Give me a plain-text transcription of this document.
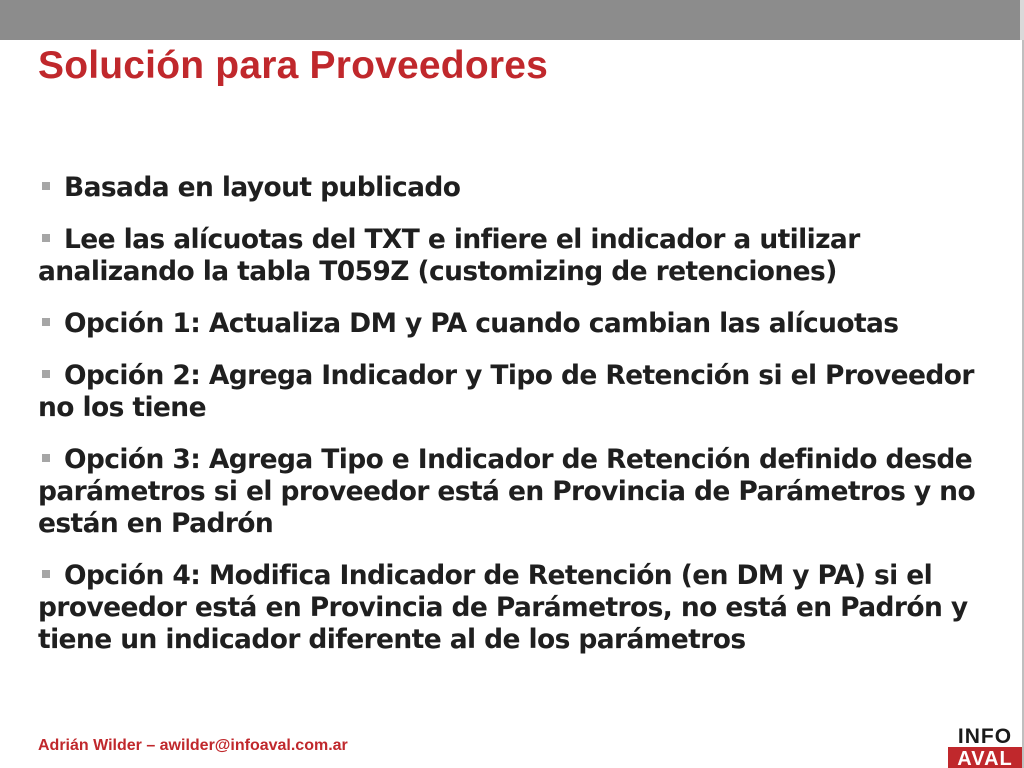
Solución para Proveedores
Basada en layout publicado
Lee las alícuotas del TXT e infiere el indicador a utilizar analizando la tabla T059Z (customizing de retenciones)
Opción 1: Actualiza DM y PA cuando cambian las alícuotas
Opción 2: Agrega Indicador y Tipo de Retención si el Proveedor no los tiene
Opción 3: Agrega Tipo e Indicador de Retención definido desde parámetros si el proveedor está en Provincia de Parámetros y no están en Padrón
Opción 4: Modifica Indicador de Retención (en DM y PA) si el proveedor está en Provincia de Parámetros, no está en Padrón y tiene un indicador diferente al de los parámetros
Adrián Wilder – awilder@infoaval.com.ar	INFO
AVAL
